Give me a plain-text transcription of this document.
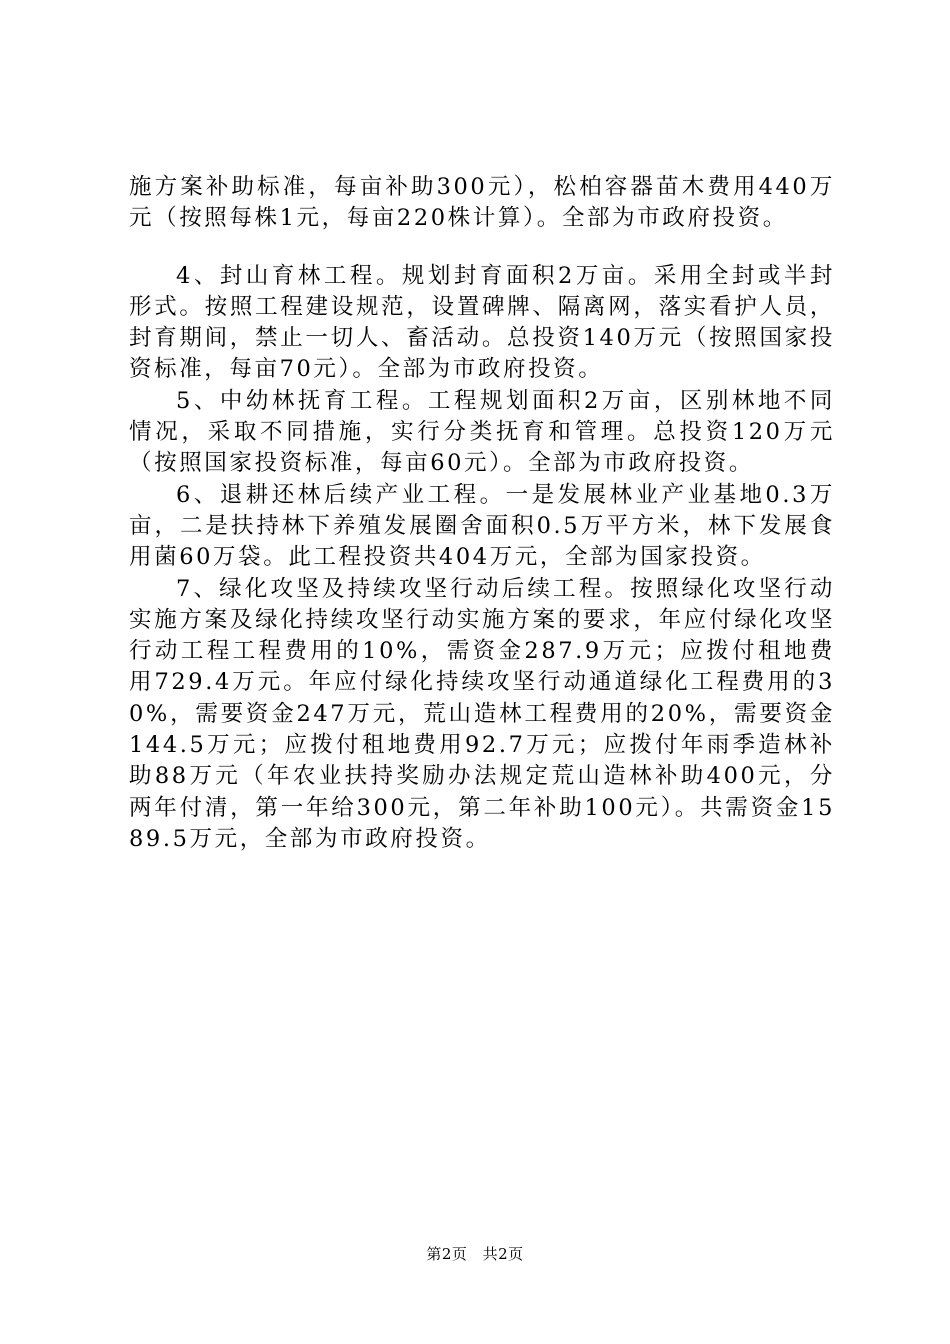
施方案补助标准，每亩补助300元），松柏容器苗木费用440万元（按照每株1元，每亩220株计算）。全部为市政府投资。

4、封山育林工程。规划封育面积2万亩。采用全封或半封形式。按照工程建设规范，设置碑牌、隔离网，落实看护人员，封育期间，禁止一切人、畜活动。总投资140万元（按照国家投资标准，每亩70元）。全部为市政府投资。

5、中幼林抚育工程。工程规划面积2万亩，区别林地不同情况，采取不同措施，实行分类抚育和管理。总投资120万元（按照国家投资标准，每亩60元）。全部为市政府投资。

6、退耕还林后续产业工程。一是发展林业产业基地0.3万亩，二是扶持林下养殖发展圈舍面积0.5万平方米，林下发展食用菌60万袋。此工程投资共404万元，全部为国家投资。

7、绿化攻坚及持续攻坚行动后续工程。按照绿化攻坚行动实施方案及绿化持续攻坚行动实施方案的要求，年应付绿化攻坚行动工程工程费用的10%，需资金287.9万元；应拨付租地费用729.4万元。年应付绿化持续攻坚行动通道绿化工程费用的30%，需要资金247万元，荒山造林工程费用的20%，需要资金144.5万元；应拨付租地费用92.7万元；应拨付年雨季造林补助88万元（年农业扶持奖励办法规定荒山造林补助400元，分两年付清，第一年给300元，第二年补助100元）。共需资金1589.5万元，全部为市政府投资。

第2页 共2页
